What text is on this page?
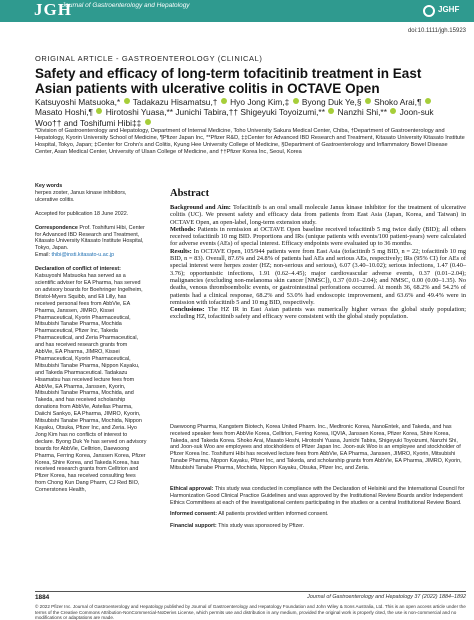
JGH
Journal of Gastroenterology and Hepatology	JGHF
doi:10.1111/jgh.15923
ORIGINAL ARTICLE - GASTROENTEROLOGY (CLINICAL)
Safety and efficacy of long-term tofacitinib treatment in East Asian patients with ulcerative colitis in OCTAVE Open
Katsuyoshi Matsuoka,*  Tadakazu Hisamatsu,†  Hyo Jong Kim,‡  Byong Duk Ye,§  Shoko Arai,¶  Masato Hoshi,¶  Hirotoshi Yuasa,** Junichi Tabira,†† Shigeyuki Toyoizumi,**  Nanzhi Shi,**  Joon-suk Woo†† and Toshifumi Hibi‡‡
*Division of Gastroenterology and Hepatology, Department of Internal Medicine, Toho University Sakura Medical Center, Chiba, †Department of Gastroenterology and Hepatology, Kyorin University School of Medicine, ¶Pfizer Japan Inc, **Pfizer R&D, ‡‡Center for Advanced IBD Research and Treatment, Kitasato University Kitasato Institute Hospital, Tokyo, Japan; ‡Center for Crohn's and Colitis, Kyung Hee University College of Medicine, §Department of Gastroenterology and Inflammatory Bowel Disease Center, Asan Medical Center, University of Ulsan College of Medicine, and ††Pfizer Korea Inc, Seoul, Korea
Key words
herpes zoster, Janus kinase inhibitors, ulcerative colitis.
Accepted for publication 18 June 2022.
Correspondence Prof. Toshifumi Hibi, Center for Advanced IBD Research and Treatment, Kitasato University Kitasato Institute Hospital, Tokyo, Japan.
Email: thibi@insti.kitasato-u.ac.jp
Declaration of conflict of interest: Katsuyoshi Matsuoka has served as a scientific adviser for EA Pharma, has served on advisory boards for Boehringer Ingelheim, Bristol-Myers Squibb, and Eli Lilly, has received personal fees from AbbVie, EA Pharma, Janssen, JIMRO, Kissei Pharmaceutical, Kyorin Pharmaceutical, Mitsubishi Tanabe Pharma, Mochida Pharmaceutical, Pfizer Inc, Takeda Pharmaceutical, and Zeria Pharmaceutical, and has received research grants from AbbVie, EA Pharma, JIMRO, Kissei Pharmaceutical, Kyorin Pharmaceutical, Mitsubishi Tanabe Pharma, Nippon Kayaku, and Takeda Pharmaceutical. Tadakazu Hisamatsu has received lecture fees from AbbVie, EA Pharma, Janssen, Kyorin, Mitsubishi Tanabe Pharma, Mochida, and Takeda, and has received scholarship donations from AbbVie, Astellas Pharma, Daiichi Sankyo, EA Pharma, JIMRO, Kyorin, Mitsubishi Tanabe Pharma, Mochida, Nippon Kayaku, Otsuka, Pfizer Inc, and Zeria. Hyo Jong Kim has no conflicts of interest to declare. Byong Duk Ye has served on advisory boards for AbbVie, Celltrion, Daewoong Pharma, Ferring Korea, Janssen Korea, Pfizer Korea, Shire Korea, and Takeda Korea, has received research grants from Celltrion and Pfizer Korea, has received consulting fees from Chong Kun Dang Pharm, CJ Red BIO, Cornerstones Health,
Abstract

Background and Aim: Tofacitinib is an oral small molecule Janus kinase inhibitor for the treatment of ulcerative colitis (UC). We present safety and efficacy data from patients from East Asia (Japan, Korea, and Taiwan) in OCTAVE Open, an open-label, long-term extension study.

Methods: Patients in remission at OCTAVE Open baseline received tofacitinib 5 mg twice daily (BID); all others received tofacitinib 10 mg BID. Proportions and IRs (unique patients with events/100 patient-years) were calculated for adverse events (AEs) of special interest. Efficacy endpoints were evaluated up to 36 months.

Results: In OCTAVE Open, 105/944 patients were from East Asia (tofacitinib 5 mg BID, n = 22; tofacitinib 10 mg BID, n = 83). Overall, 87.6% and 24.8% of patients had AEs and serious AEs, respectively; IRs (95% CI) for AEs of special interest were herpes zoster (HZ; non-serious and serious), 6.07 (3.40–10.02); serious infections, 1.47 (0.40–3.76); opportunistic infections, 1.91 (0.62–4.45); major cardiovascular adverse events, 0.37 (0.01–2.04); malignancies (excluding non-melanoma skin cancer [NMSC]), 0.37 (0.01–2.04); and NMSC, 0.00 (0.00–1.35). No deaths, venous thromboembolic events, or gastrointestinal perforations occurred. At month 36, 68.2% and 54.2% of patients had a clinical response, 68.2% and 53.0% had endoscopic improvement, and 63.6% and 49.4% were in remission with tofacitinib 5 and 10 mg BID, respectively.

Conclusions: The HZ IR in East Asian patients was numerically higher versus the global study population; excluding HZ, tofacitinib safety and efficacy were consistent with the global study population.

Daewoong Pharma, Kangstem Biotech, Korea United Pharm. Inc., Medtronic Korea, NanoEntek, and Takeda, and has received speaker fees from AbbVie Korea, Celltrion, Ferring Korea, IQVIA, Janssen Korea, Pfizer Korea, Shire Korea, Takeda, and Takeda Korea. Shoko Arai, Masato Hoshi, Hirotoshi Yuasa, Junichi Tabira, Shigeyuki Toyoizumi, Nanzhi Shi, and Joon-suk Woo are employees and stockholders of Pfizer Japan Inc. Joon-suk Woo is an employee and stockholder of Pfizer Korea Inc. Toshifumi Hibi has received lecture fees from AbbVie, EA Pharma, Janssen, JIMRO, Kyorin, Mitsubishi Tanabe Pharma, Nippon Kayaku, Pfizer Inc, and Takeda, and scholarship grants from AbbVie, EA Pharma, JIMRO, Kyorin, Mitsubishi Tanabe Pharma, Mochida, Nippon Kayaku, Otsuka, Pfizer Inc, and Zeria.
Ethical approval: This study was conducted in compliance with the Declaration of Helsinki and the International Council for Harmonization Good Clinical Practice Guidelines and was approved by the Institutional Review Boards and/or Independent Ethics Committees at each of the investigational centers participating in the studies or a central Institutional Review Board.
Informed consent: All patients provided written informed consent.
Financial support: This study was sponsored by Pfizer.
1884	Journal of Gastroenterology and Hepatology 37 (2022) 1884–1892
© 2022 Pfizer Inc. Journal of Gastroenterology and Hepatology published by Journal of Gastroenterology and Hepatology Foundation and John Wiley & Sons Australia, Ltd. This is an open access article under the terms of the Creative Commons Attribution-NonCommercial-NoDerivs License, which permits use and distribution in any medium, provided the original work is properly cited, the use is non-commercial and no modifications or adaptations are made.
